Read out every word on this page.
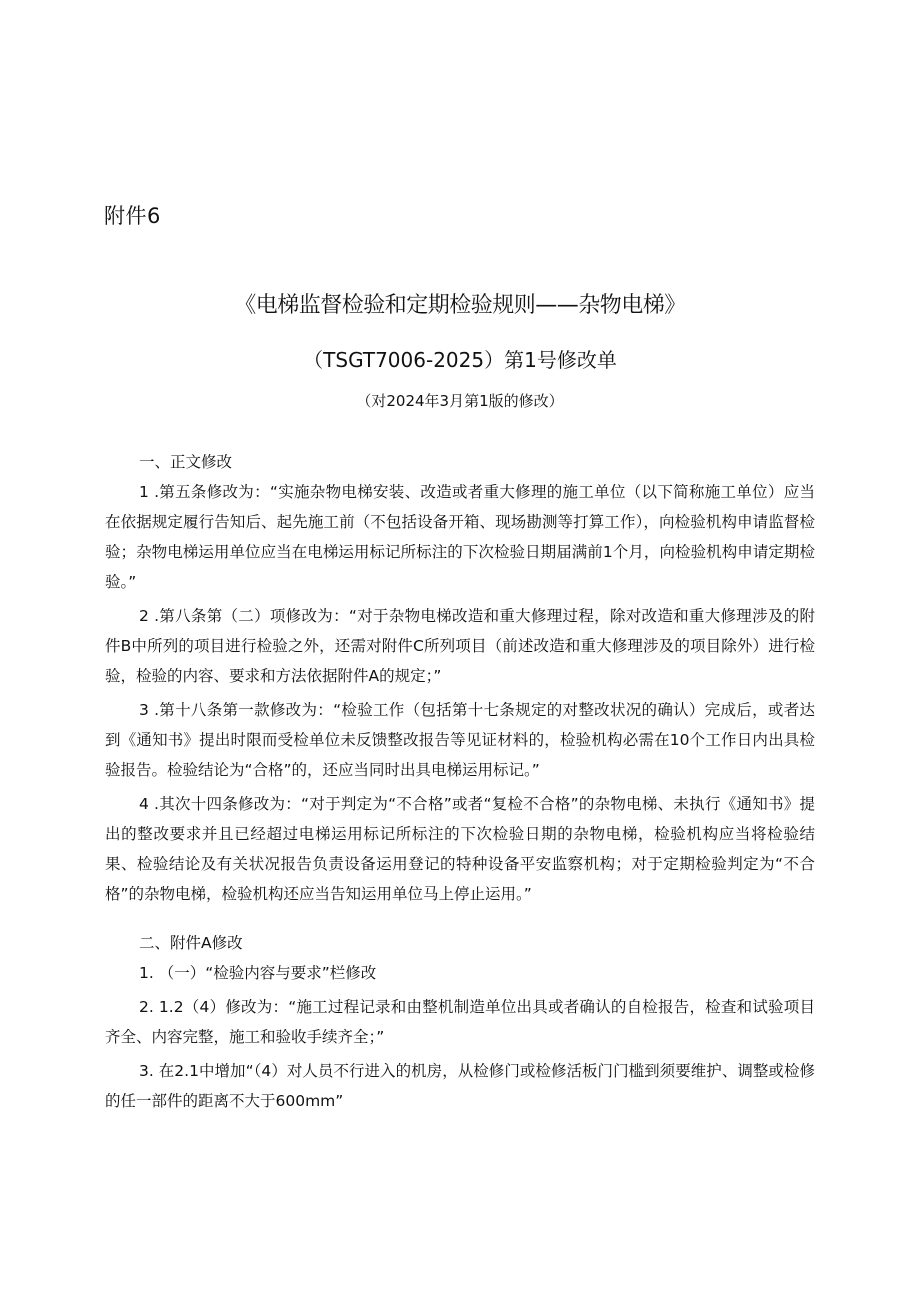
附件6
《电梯监督检验和定期检验规则——杂物电梯》
（TSGT7006-2025）第1号修改单
（对2024年3月第1版的修改）

一、正文修改

1 .第五条修改为：“实施杂物电梯安装、改造或者重大修理的施工单位（以下简称施工单位）应当在依据规定履行告知后、起先施工前（不包括设备开箱、现场勘测等打算工作），向检验机构申请监督检验；杂物电梯运用单位应当在电梯运用标记所标注的下次检验日期届满前1个月，向检验机构申请定期检验。”

2 .第八条第（二）项修改为：“对于杂物电梯改造和重大修理过程，除对改造和重大修理涉及的附件B中所列的项目进行检验之外，还需对附件C所列项目（前述改造和重大修理涉及的项目除外）进行检验，检验的内容、要求和方法依据附件A的规定；”

3 .第十八条第一款修改为：“检验工作（包括第十七条规定的对整改状况的确认）完成后，或者达到《通知书》提出时限而受检单位未反馈整改报告等见证材料的，检验机构必需在10个工作日内出具检验报告。检验结论为“合格”的，还应当同时出具电梯运用标记。”

4 .其次十四条修改为：“对于判定为“不合格”或者“复检不合格”的杂物电梯、未执行《通知书》提出的整改要求并且已经超过电梯运用标记所标注的下次检验日期的杂物电梯，检验机构应当将检验结果、检验结论及有关状况报告负责设备运用登记的特种设备平安监察机构；对于定期检验判定为“不合格”的杂物电梯，检验机构还应当告知运用单位马上停止运用。”

二、附件A修改

1. （一）“检验内容与要求”栏修改

2. 1.2（4）修改为：“施工过程记录和由整机制造单位出具或者确认的自检报告，检查和试验项目齐全、内容完整，施工和验收手续齐全；”

3. 在2.1中增加“（4）对人员不行进入的机房，从检修门或检修活板门门槛到须要维护、调整或检修的任一部件的距离不大于600mm”
